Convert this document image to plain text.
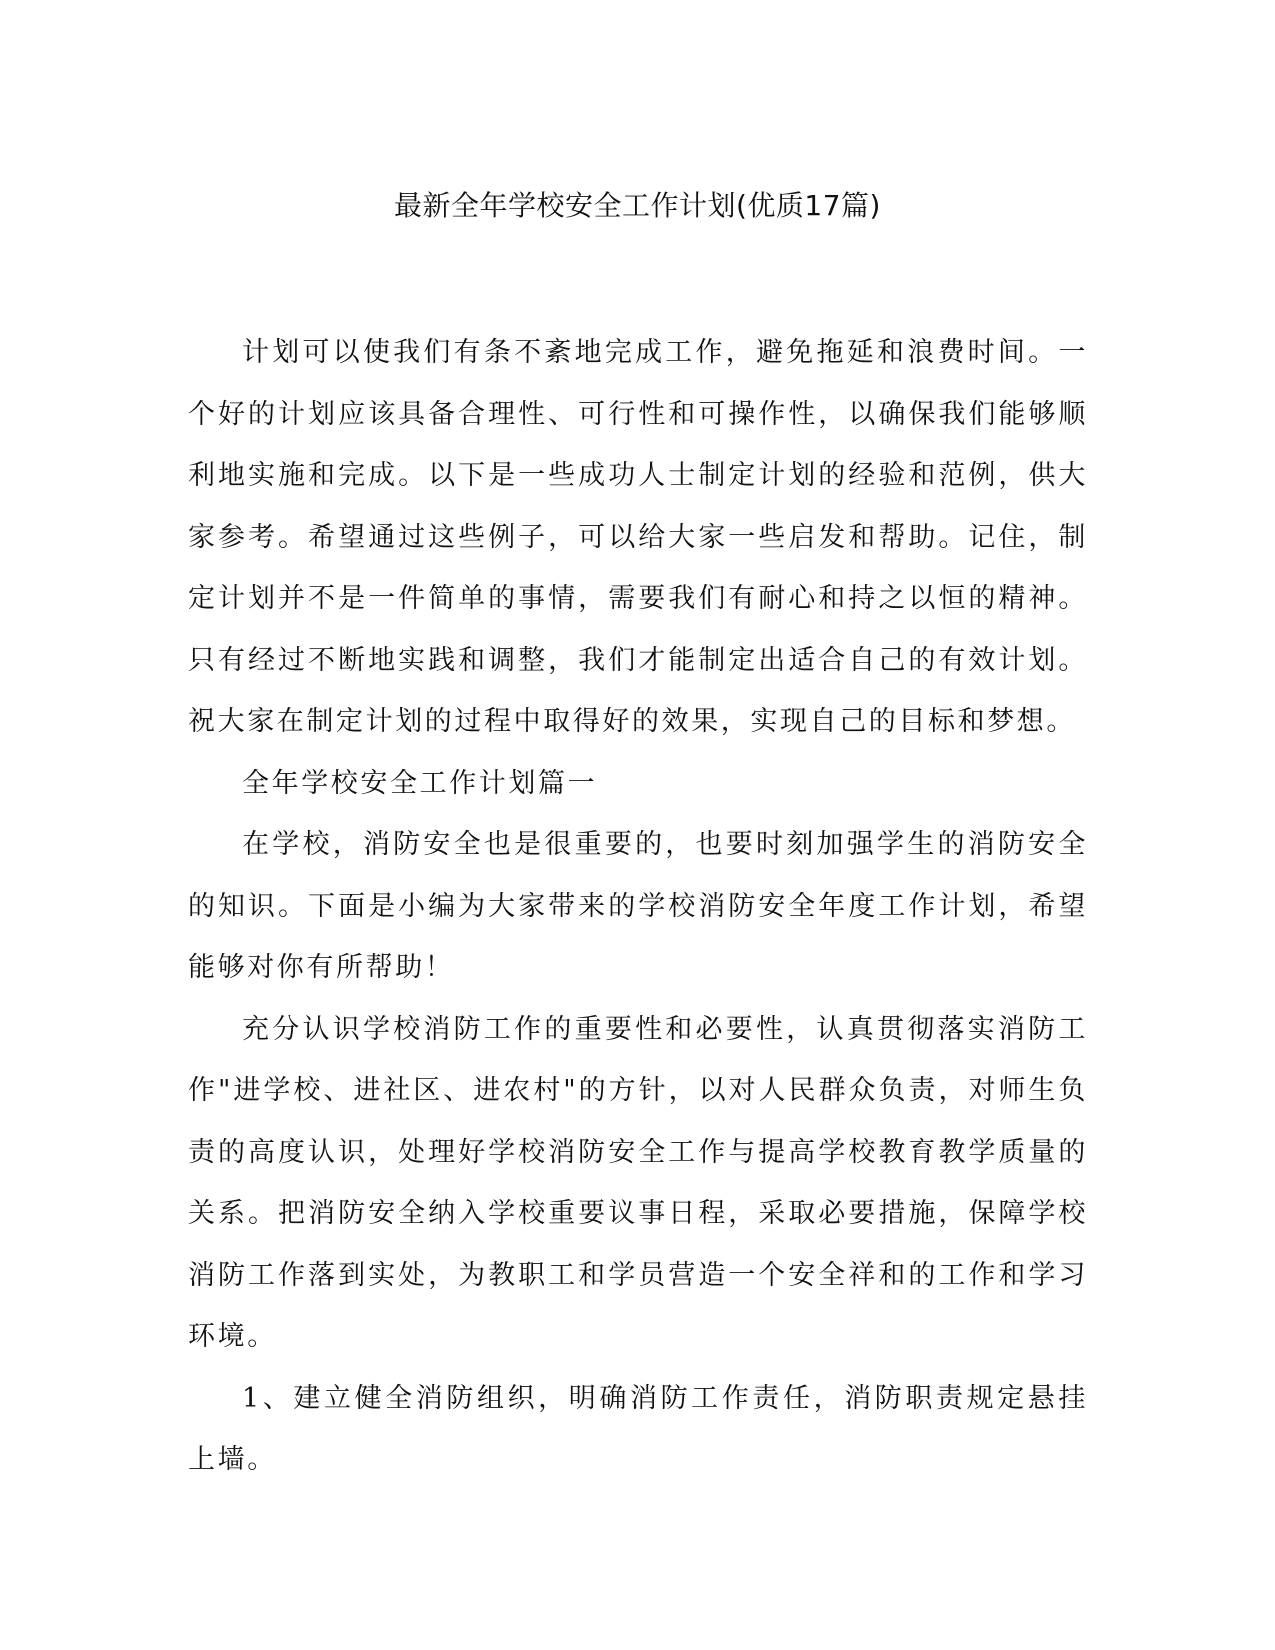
最新全年学校安全工作计划(优质17篇)

计划可以使我们有条不紊地完成工作，避免拖延和浪费时间。一个好的计划应该具备合理性、可行性和可操作性，以确保我们能够顺利地实施和完成。以下是一些成功人士制定计划的经验和范例，供大家参考。希望通过这些例子，可以给大家一些启发和帮助。记住，制定计划并不是一件简单的事情，需要我们有耐心和持之以恒的精神。只有经过不断地实践和调整，我们才能制定出适合自己的有效计划。祝大家在制定计划的过程中取得好的效果，实现自己的目标和梦想。

全年学校安全工作计划篇一

在学校，消防安全也是很重要的，也要时刻加强学生的消防安全的知识。下面是小编为大家带来的学校消防安全年度工作计划，希望能够对你有所帮助！

充分认识学校消防工作的重要性和必要性，认真贯彻落实消防工作"进学校、进社区、进农村"的方针，以对人民群众负责，对师生负责的高度认识，处理好学校消防安全工作与提高学校教育教学质量的关系。把消防安全纳入学校重要议事日程，采取必要措施，保障学校消防工作落到实处，为教职工和学员营造一个安全祥和的工作和学习环境。

1、建立健全消防组织，明确消防工作责任，消防职责规定悬挂上墙。
